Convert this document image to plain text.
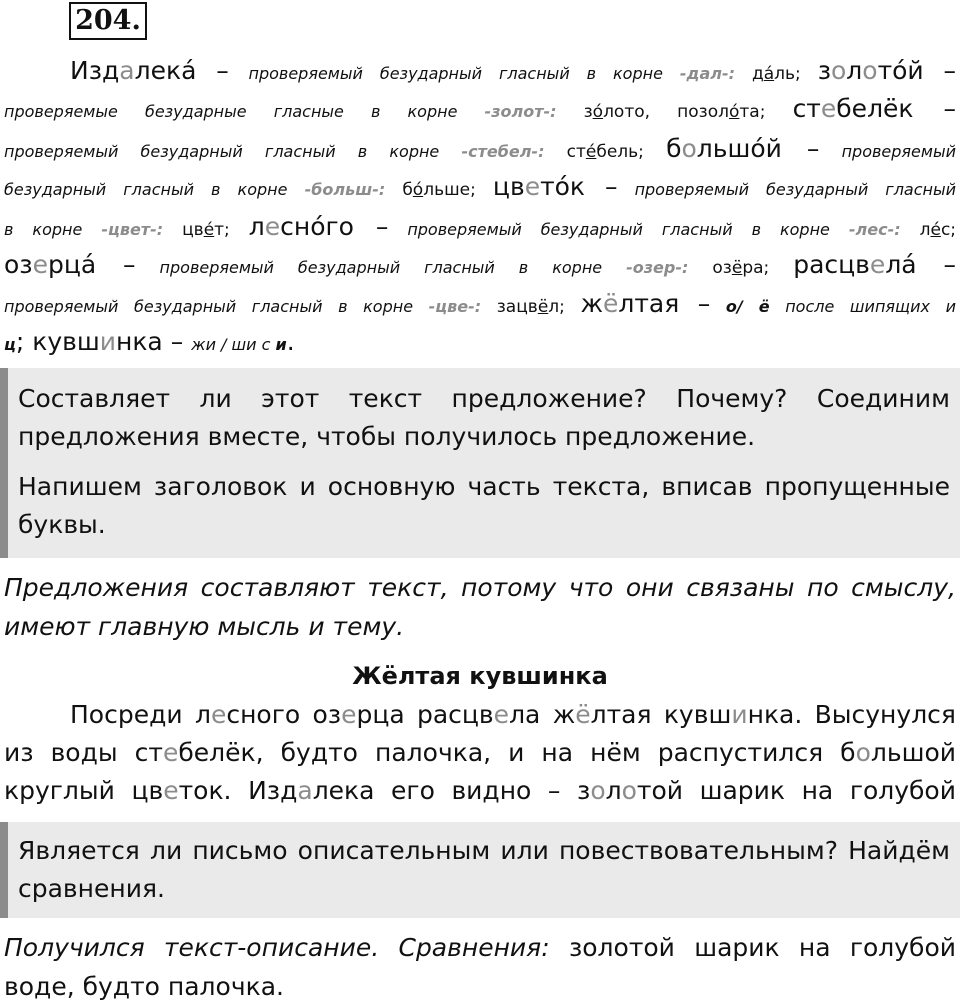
204.
Издалека́ – проверяемый безударный гласный в корне -дал-: да́ль; золото́й –
проверяемые безударные гласные в корне -золот-: зо́лото, позоло́та; стебелёк –
проверяемый безударный гласный в корне -стебел-: сте́бель; большо́й – проверяемый
безударный гласный в корне -больш-: бо́льше; цвето́к – проверяемый безударный гласный
в корне -цвет-: цве́т; лесно́го – проверяемый безударный гласный в корне -лес-: ле́с;
озерца́ – проверяемый безударный гласный в корне -озер-: озёра; расцвела́ –
проверяемый безударный гласный в корне -цве-: зацвёл; жёлтая – о/ ё после шипящих и
ц; кувшинка – жи / ши с и.

Составляет ли этот текст предложение? Почему? Соединим предложения вместе, чтобы получилось предложение.

Напишем заголовок и основную часть текста, вписав пропущенные буквы.

Предложения составляют текст, потому что они связаны по смыслу, имеют главную мысль и тему.

Жёлтая кувшинка

Посреди лесного озерца расцвела жёлтая кувшинка. Высунулся из воды стебелёк, будто палочка, и на нём распустился большой круглый цветок. Издалека его видно – золотой шарик на голубой

Является ли письмо описательным или повествовательным? Найдём сравнения.

Получился текст-описание. Сравнения: золотой шарик на голубой воде, будто палочка.
